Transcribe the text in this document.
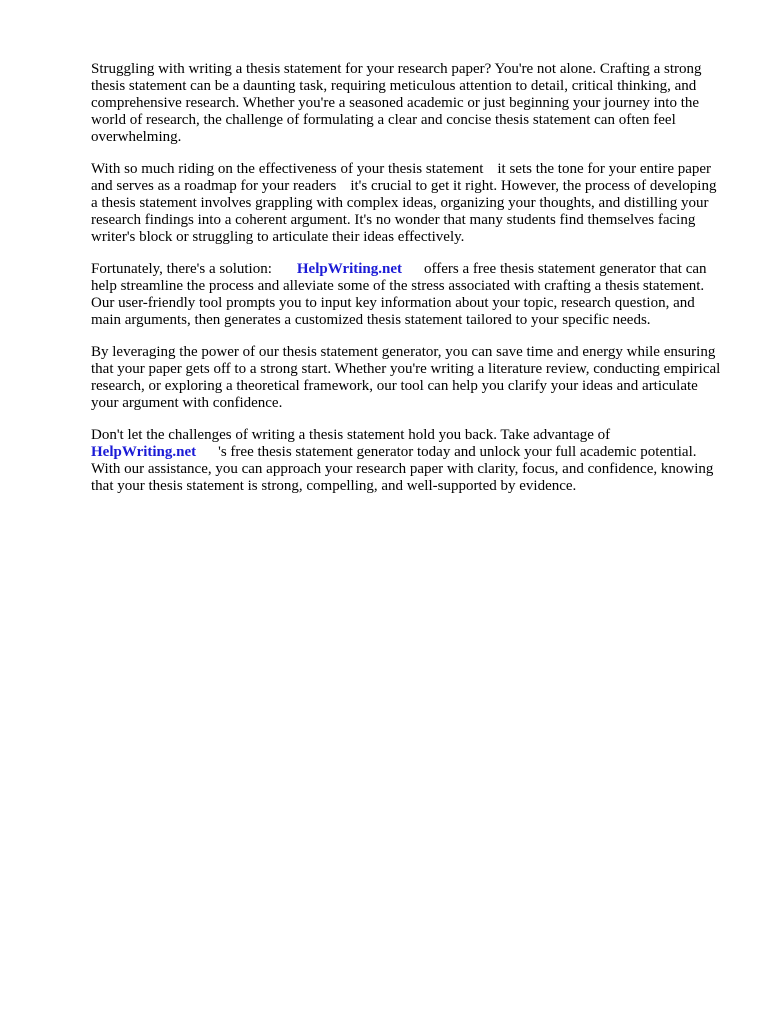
Struggling with writing a thesis statement for your research paper? You're not alone. Crafting a strong thesis statement can be a daunting task, requiring meticulous attention to detail, critical thinking, and comprehensive research. Whether you're a seasoned academic or just beginning your journey into the world of research, the challenge of formulating a clear and concise thesis statement can often feel overwhelming.

With so much riding on the effectiveness of your thesis statement it sets the tone for your entire paper and serves as a roadmap for your readers it's crucial to get it right. However, the process of developing a thesis statement involves grappling with complex ideas, organizing your thoughts, and distilling your research findings into a coherent argument. It's no wonder that many students find themselves facing writer's block or struggling to articulate their ideas effectively.

Fortunately, there's a solution: HelpWriting.net offers a free thesis statement generator that can help streamline the process and alleviate some of the stress associated with crafting a thesis statement. Our user-friendly tool prompts you to input key information about your topic, research question, and main arguments, then generates a customized thesis statement tailored to your specific needs.

By leveraging the power of our thesis statement generator, you can save time and energy while ensuring that your paper gets off to a strong start. Whether you're writing a literature review, conducting empirical research, or exploring a theoretical framework, our tool can help you clarify your ideas and articulate your argument with confidence.

Don't let the challenges of writing a thesis statement hold you back. Take advantage of
HelpWriting.net 's free thesis statement generator today and unlock your full academic potential. With our assistance, you can approach your research paper with clarity, focus, and confidence, knowing that your thesis statement is strong, compelling, and well-supported by evidence.
